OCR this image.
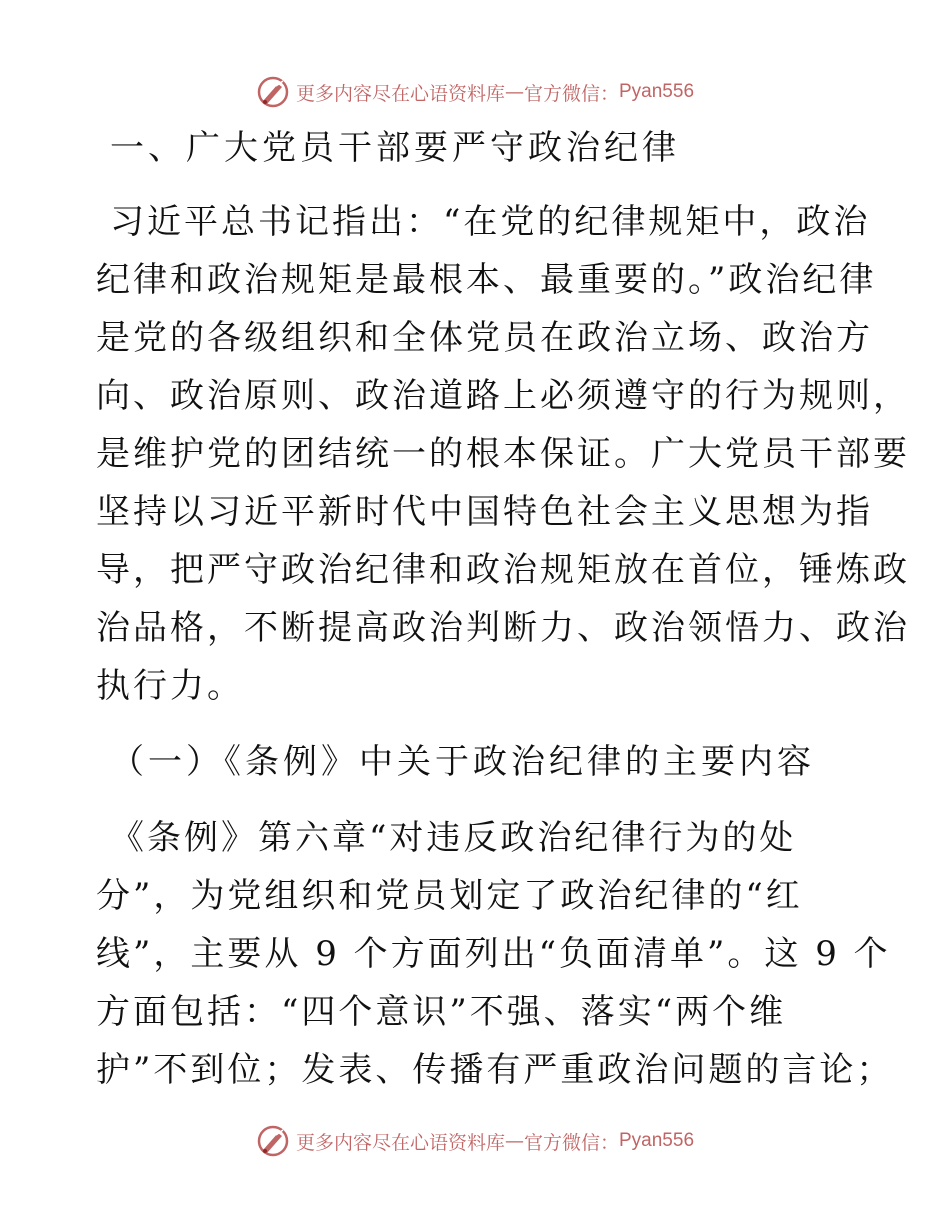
更多内容尽在心语资料库 — 官方微信： Pyan556
一、广大党员干部要严守政治纪律
习近平总书记指出：“在党的纪律规矩中，政治
纪律和政治规矩是最根本、最重要的。”政治纪律
是党的各级组织和全体党员在政治立场、政治方
向、政治原则、政治道路上必须遵守的行为规则，
是维护党的团结统一的根本保证。广大党员干部要
坚持以习近平新时代中国特色社会主义思想为指
导，把严守政治纪律和政治规矩放在首位，锤炼政
治品格，不断提高政治判断力、政治领悟力、政治
执行力。
（一）《条例》中关于政治纪律的主要内容
《条例》第六章“对违反政治纪律行为的处
分”，为党组织和党员划定了政治纪律的“红
线”，主要从 9 个方面列出“负面清单”。这 9 个
方面包括：“四个意识”不强、落实“两个维
护”不到位；发表、传播有严重政治问题的言论；
更多内容尽在心语资料库 — 官方微信： Pyan556
